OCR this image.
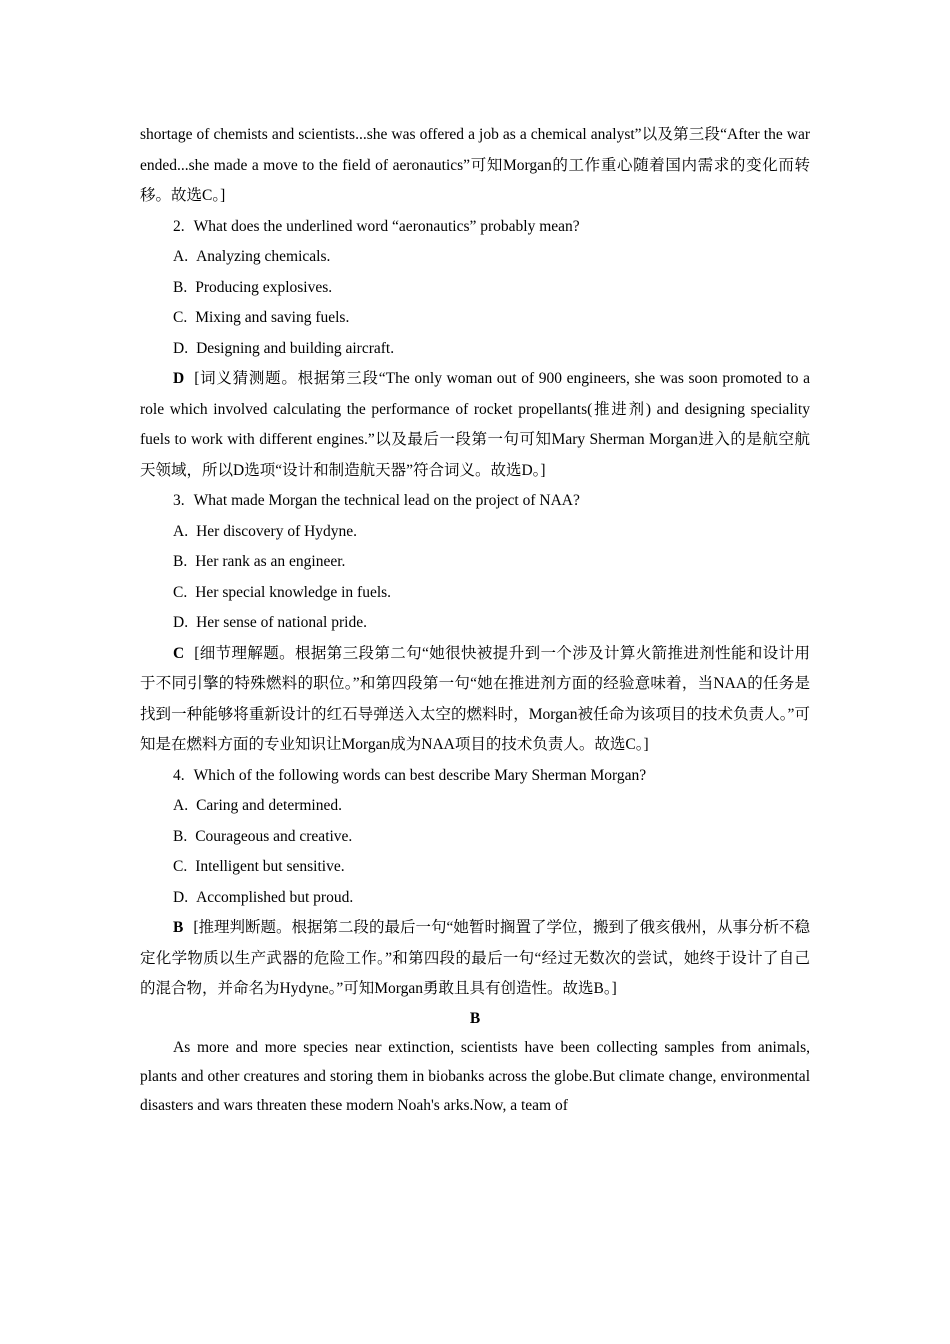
shortage of chemists and scientists...she was offered a job as a chemical analyst”以及第三段“After the war ended...she made a move to the field of aeronautics”可知Morgan的工作重心随着国内需求的变化而转移。故选C。]

2. What does the underlined word “aeronautics” probably mean?
A. Analyzing chemicals.
B. Producing explosives.
C. Mixing and saving fuels.
D. Designing and building aircraft.

D [词义猜测题。根据第三段“The only woman out of 900 engineers, she was soon promoted to a role which involved calculating the performance of rocket propellants(推进剂) and designing speciality fuels to work with different engines.”以及最后一段第一句可知Mary Sherman Morgan进入的是航空航天领域，所以D选项“设计和制造航天器”符合词义。故选D。]

3. What made Morgan the technical lead on the project of NAA?
A. Her discovery of Hydyne.
B. Her rank as an engineer.
C. Her special knowledge in fuels.
D. Her sense of national pride.

C [细节理解题。根据第三段第二句“她很快被提升到一个涉及计算火箭推进剂性能和设计用于不同引擎的特殊燃料的职位。”和第四段第一句“她在推进剂方面的经验意味着，当NAA的任务是找到一种能够将重新设计的红石导弹送入太空的燃料时，Morgan被任命为该项目的技术负责人。”可知是在燃料方面的专业知识让Morgan成为NAA项目的技术负责人。故选C。]

4. Which of the following words can best describe Mary Sherman Morgan?
A. Caring and determined.
B. Courageous and creative.
C. Intelligent but sensitive.
D. Accomplished but proud.

B [推理判断题。根据第二段的最后一句“她暂时搁置了学位，搬到了俄亥俄州，从事分析不稳定化学物质以生产武器的危险工作。”和第四段的最后一句“经过无数次的尝试，她终于设计了自己的混合物，并命名为Hydyne。”可知Morgan勇敢且具有创造性。故选B。]

B

As more and more species near extinction, scientists have been collecting samples from animals, plants and other creatures and storing them in biobanks across the globe.But climate change, environmental disasters and wars threaten these modern Noah's arks.Now, a team of
